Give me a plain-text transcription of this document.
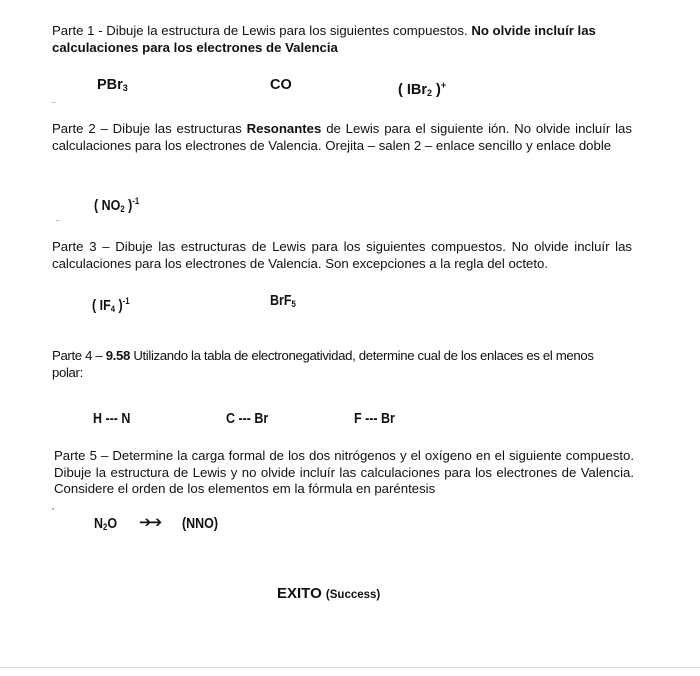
Parte 1 - Dibuje la estructura de Lewis para los siguientes compuestos. No olvide incluír las calculaciones para los electrones de Valencia

PBr$_3$	CO	( IBr$_2$ )+

Parte 2 – Dibuje las estructuras Resonantes de Lewis para el siguiente ión. No olvide incluír las calculaciones para los electrones de Valencia. Orejita – salen 2 – enlace sencillo y enlace doble

( $NO_2$ )$^{-1}$

Parte 3 – Dibuje las estructuras de Lewis para los siguientes compuestos. No olvide incluír las calculaciones para los electrones de Valencia. Son excepciones a la regla del octeto.

( $IF_4$ )$^{-1}$	BrF$_5$

Parte 4 – 9.58 Utilizando la tabla de electronegatividad, determine cual de los enlaces es el menos polar:

H --- N	C --- Br	F --- Br

Parte 5 – Determine la carga formal de los dos nitrógenos y el oxígeno en el siguiente compuesto. Dibuje la estructura de Lewis y no olvide incluír las calculaciones para los electrones de Valencia. Considere el orden de los elementos em la fórmula en paréntesis

$N_2O$ ➔➔ (NNO)
EXITO (Success)
